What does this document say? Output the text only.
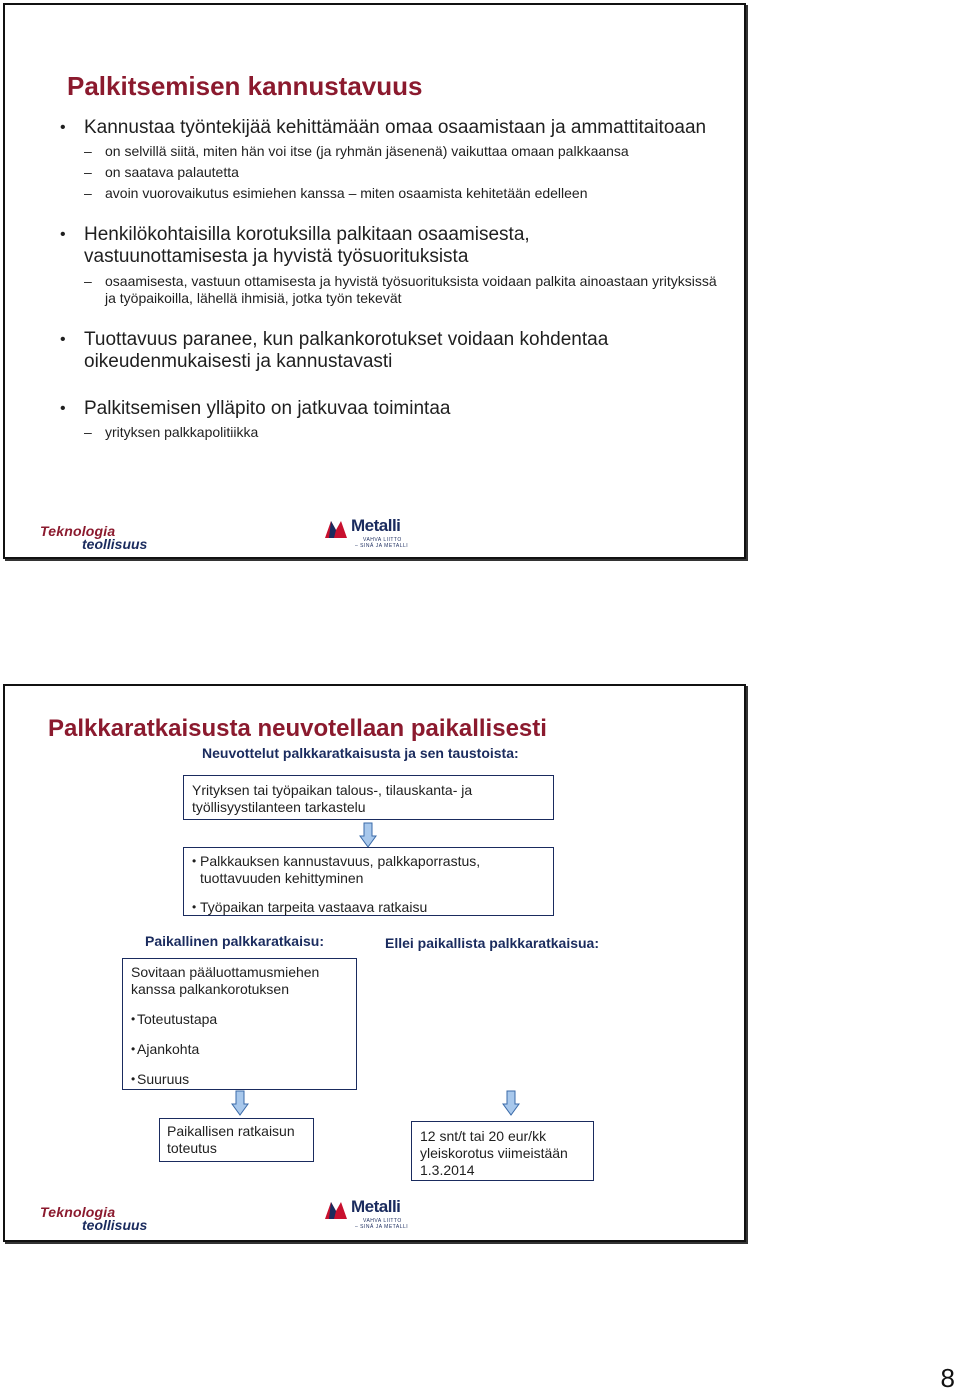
Palkitsemisen kannustavuus
• Kannustaa työntekijää kehittämään omaa osaamistaan ja ammattitaitoaan
– on selvillä siitä, miten hän voi itse (ja ryhmän jäsenenä) vaikuttaa omaan palkkaansa
– on saatava palautetta
– avoin vuorovaikutus esimiehen kanssa – miten osaamista kehitetään edelleen
• Henkilökohtaisilla korotuksilla palkitaan osaamisesta, vastuunottamisesta ja hyvistä työsuorituksista
– osaamisesta, vastuun ottamisesta ja hyvistä työsuorituksista voidaan palkita ainoastaan yrityksissä ja työpaikoilla, lähellä ihmisiä, jotka työn tekevät
• Tuottavuus paranee, kun palkankorotukset voidaan kohdentaa oikeudenmukaisesti ja kannustavasti
• Palkitsemisen ylläpito on jatkuvaa toimintaa
– yrityksen palkkapolitiikka
Teknologia
teollisuus
Metalli
VAHVA LIITTO
– SINÄ JA METALLI
Palkkaratkaisusta neuvotellaan paikallisesti
Neuvottelut palkkaratkaisusta ja sen taustoista:
Yrityksen tai työpaikan talous-, tilauskanta- ja työllisyystilanteen tarkastelu
• Palkkauksen kannustavuus, palkkaporrastus, tuottavuuden kehittyminen
• Työpaikan tarpeita vastaava ratkaisu
Paikallinen palkkaratkaisu:	Ellei paikallista palkkaratkaisua:
Sovitaan pääluottamusmiehen kanssa palkankorotuksen
• Toteutustapa
• Ajankohta
• Suuruus
Paikallisen ratkaisun toteutus
12 snt/t tai 20 eur/kk yleiskorotus viimeistään 1.3.2014
Teknologia
teollisuus
Metalli
VAHVA LIITTO
– SINÄ JA METALLI
8
